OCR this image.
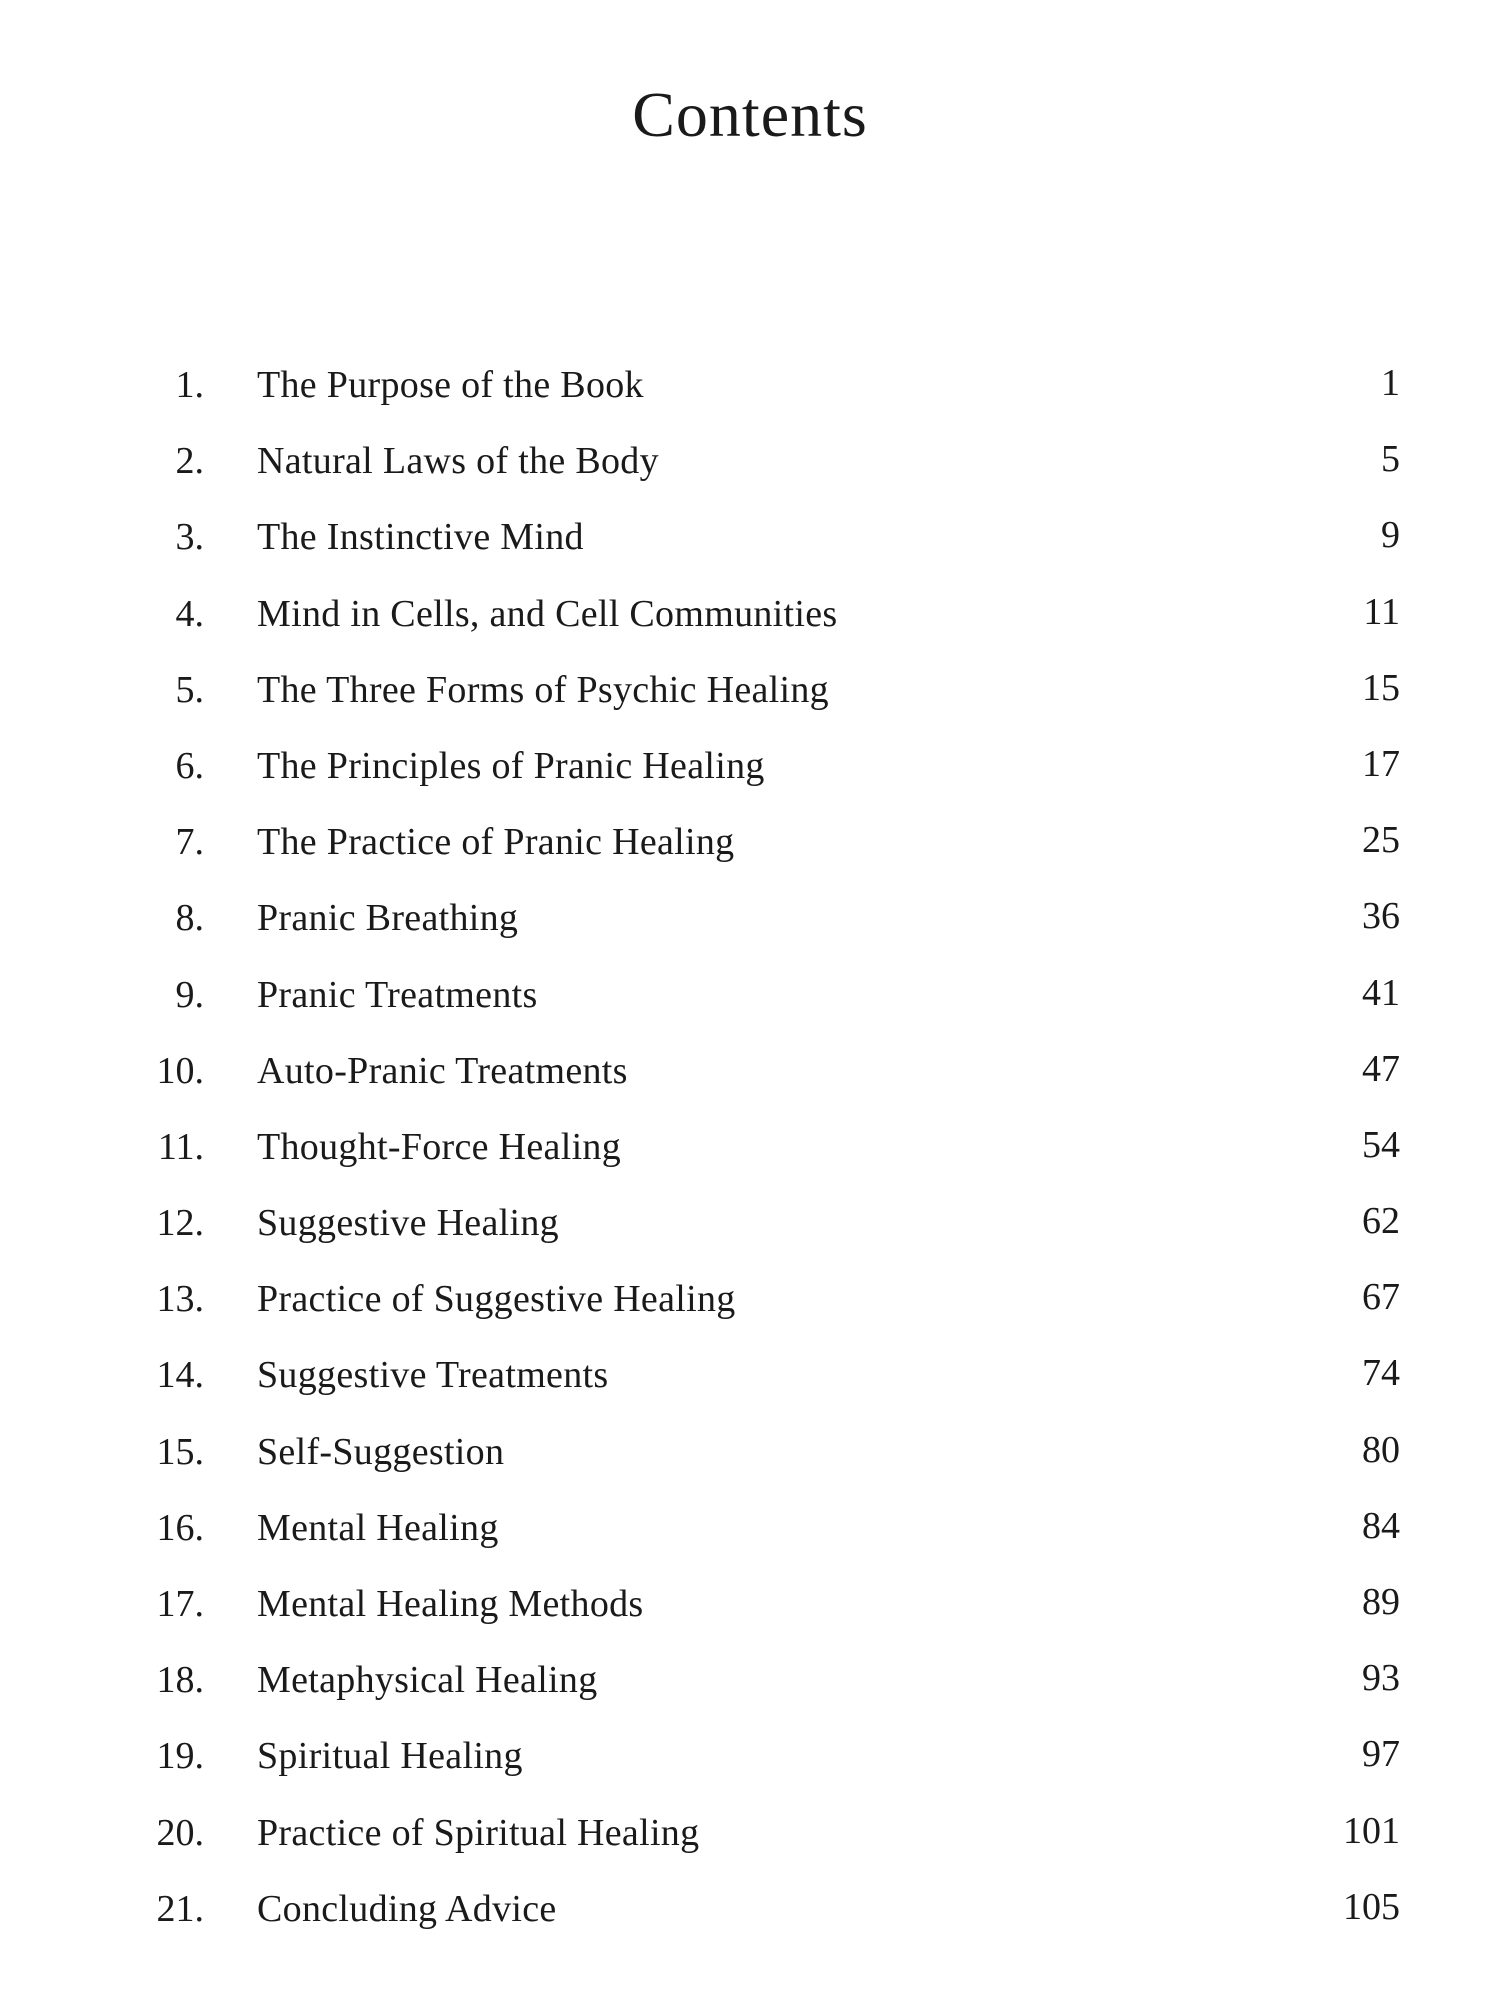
Contents
1. The Purpose of the Book	1
2. Natural Laws of the Body	5
3. The Instinctive Mind	9
4. Mind in Cells, and Cell Communities	11
5. The Three Forms of Psychic Healing	15
6. The Principles of Pranic Healing	17
7. The Practice of Pranic Healing	25
8. Pranic Breathing	36
9. Pranic Treatments	41
10. Auto-Pranic Treatments	47
11. Thought-Force Healing	54
12. Suggestive Healing	62
13. Practice of Suggestive Healing	67
14. Suggestive Treatments	74
15. Self-Suggestion	80
16. Mental Healing	84
17. Mental Healing Methods	89
18. Metaphysical Healing	93
19. Spiritual Healing	97
20. Practice of Spiritual Healing	101
21. Concluding Advice	105
